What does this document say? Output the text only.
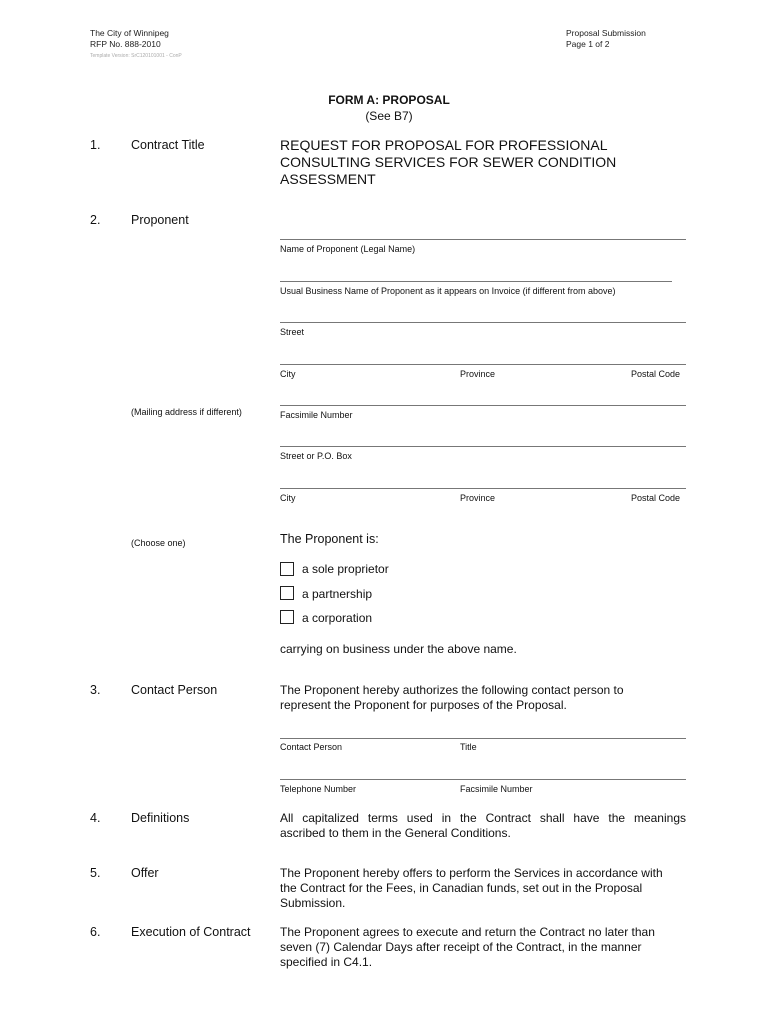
The City of Winnipeg
RFP No. 888-2010
Template Version: SrC120101001 - ConP
Proposal Submission
Page 1 of 2
FORM A: PROPOSAL
(See B7)
1. Contract Title	REQUEST FOR PROPOSAL FOR PROFESSIONAL
CONSULTING SERVICES FOR SEWER CONDITION
ASSESSMENT
2. Proponent
Name of Proponent (Legal Name)
Usual Business Name of Proponent as it appears on Invoice (if different from above)
Street
City	Province	Postal Code
(Mailing address if different)	Facsimile Number
Street or P.O. Box
City	Province	Postal Code
(Choose one)	The Proponent is:
a sole proprietor
a partnership
a corporation
carrying on business under the above name.
3. Contact Person	The Proponent hereby authorizes the following contact person to
represent the Proponent for purposes of the Proposal.
Contact Person	Title
Telephone Number	Facsimile Number
4. Definitions	All capitalized terms used in the Contract shall have the meanings
ascribed to them in the General Conditions.
5. Offer	The Proponent hereby offers to perform the Services in accordance with
the Contract for the Fees, in Canadian funds, set out in the Proposal
Submission.
6. Execution of Contract The Proponent agrees to execute and return the Contract no later than
seven (7) Calendar Days after receipt of the Contract, in the manner
specified in C4.1.
